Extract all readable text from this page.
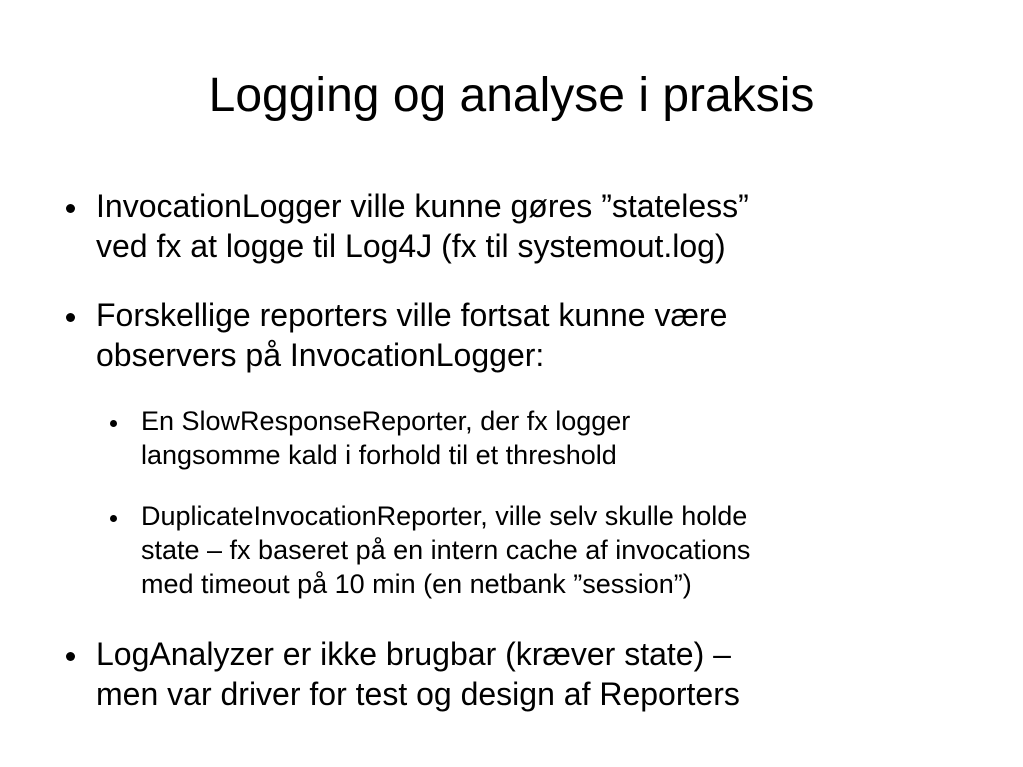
Logging og analyse i praksis
InvocationLogger ville kunne gøres ”stateless”
ved fx at logge til Log4J (fx til systemout.log)
Forskellige reporters ville fortsat kunne være
observers på InvocationLogger:
En SlowResponseReporter, der fx logger
langsomme kald i forhold til et threshold
DuplicateInvocationReporter, ville selv skulle holde
state – fx baseret på en intern cache af invocations
med timeout på 10 min (en netbank ”session”)
LogAnalyzer er ikke brugbar (kræver state) –
men var driver for test og design af Reporters
